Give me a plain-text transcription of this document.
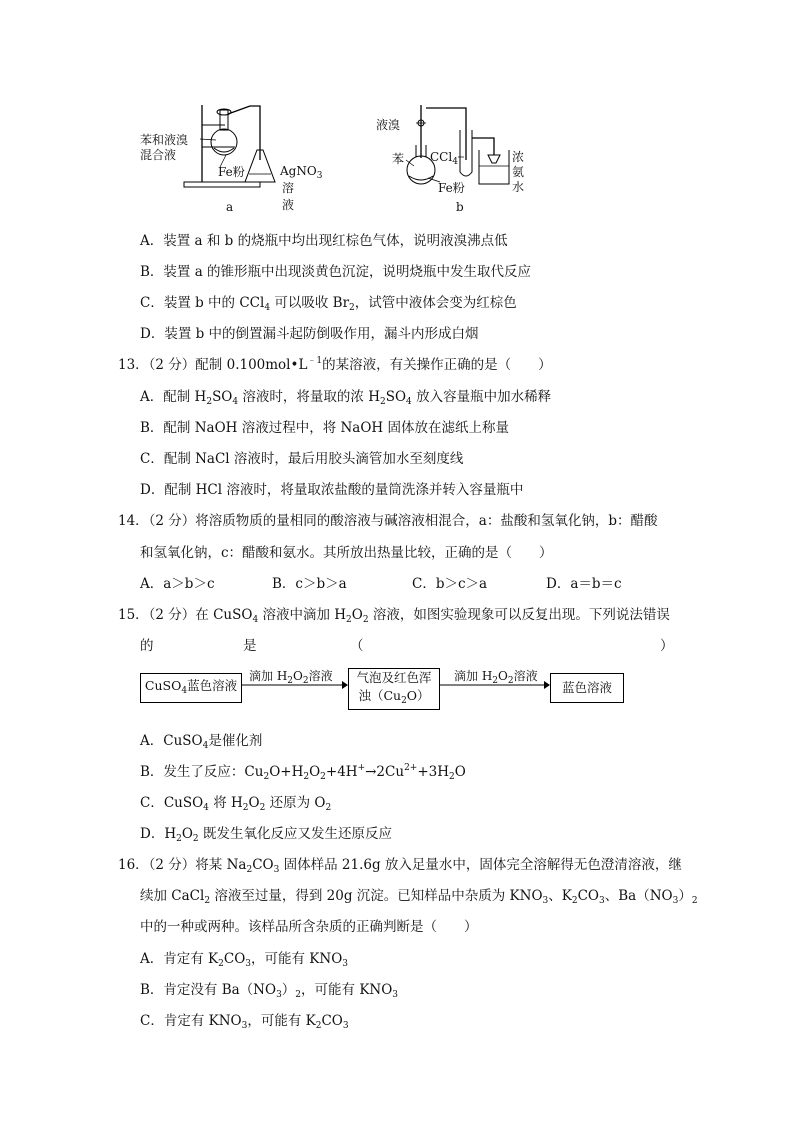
苯和液溴
混合液
Fe粉	AgNO$_3$
溶液
a
液溴
苯 CCl$_4$
Fe粉
浓
氨
水
b
A．装置 a 和 b 的烧瓶中均出现红棕色气体，说明液溴沸点低
B．装置 a 的锥形瓶中出现淡黄色沉淀，说明烧瓶中发生取代反应
C．装置 b 中的 CCl$_4$ 可以吸收 $Br_2$，试管中液体会变为红棕色
D．装置 b 中的倒置漏斗起防倒吸作用，漏斗内形成白烟
13．（2 分）配制 $0.100mol•L^{﹣1}$的某溶液，有关操作正确的是（　　）
A．配制 $H_2SO_4$ 溶液时，将量取的浓 $H_2SO_4$ 放入容量瓶中加水稀释
B．配制 NaOH 溶液过程中，将 NaOH 固体放在滤纸上称量
C．配制 NaCl 溶液时，最后用胶头滴管加水至刻度线
D．配制 HCl 溶液时，将量取浓盐酸的量筒洗涤并转入容量瓶中
14．（2 分）将溶质物质的量相同的酸溶液与碱溶液相混合，a：盐酸和氢氧化钠，b：醋酸
和氢氧化钠，c：醋酸和氨水。其所放出热量比较，正确的是（　　）
A．a＞b＞c	B．c＞b＞a	C．b＞c＞a	D．a＝b＝c
15．（2 分）在 CuSO$_4$ 溶液中滴加 $H_2O_2$ 溶液，如图实验现象可以反复出现。下列说法错误
的	是	（	）
CuSO$_4$蓝色溶液
滴加 $H_2O_2$溶液 气泡及红色浑
浊$(Cu_2O)$
滴加 $H_2O_2$溶液
蓝色溶液
A．CuSO$_4$是催化剂
B．发生了反应：$Cu_2O+H_2O_2+4H^+\to 2Cu^{2+}+3H_2O$
C．CuSO$_4$ 将 $H_2O_2$ 还原为 $O_2$
D．$H_2O_2$ 既发生氧化反应又发生还原反应
16．（2 分）将某 $Na_2CO_3$ 固体样品 21.6g 放入足量水中，固体完全溶解得无色澄清溶液，继
续加 CaCl$_2$ 溶液至过量，得到 20g 沉淀。已知样品中杂质为 $KNO_3$、$K_2CO_3$、$Ba(NO_3)_2$
中的一种或两种。该样品所含杂质的正确判断是（　　）
A．肯定有 $K_2CO_3$，可能有 $KNO_3$
B．肯定没有 $Ba(NO_3)_2$，可能有 $KNO_3$
C．肯定有 $KNO_3$，可能有 $K_2CO_3$
